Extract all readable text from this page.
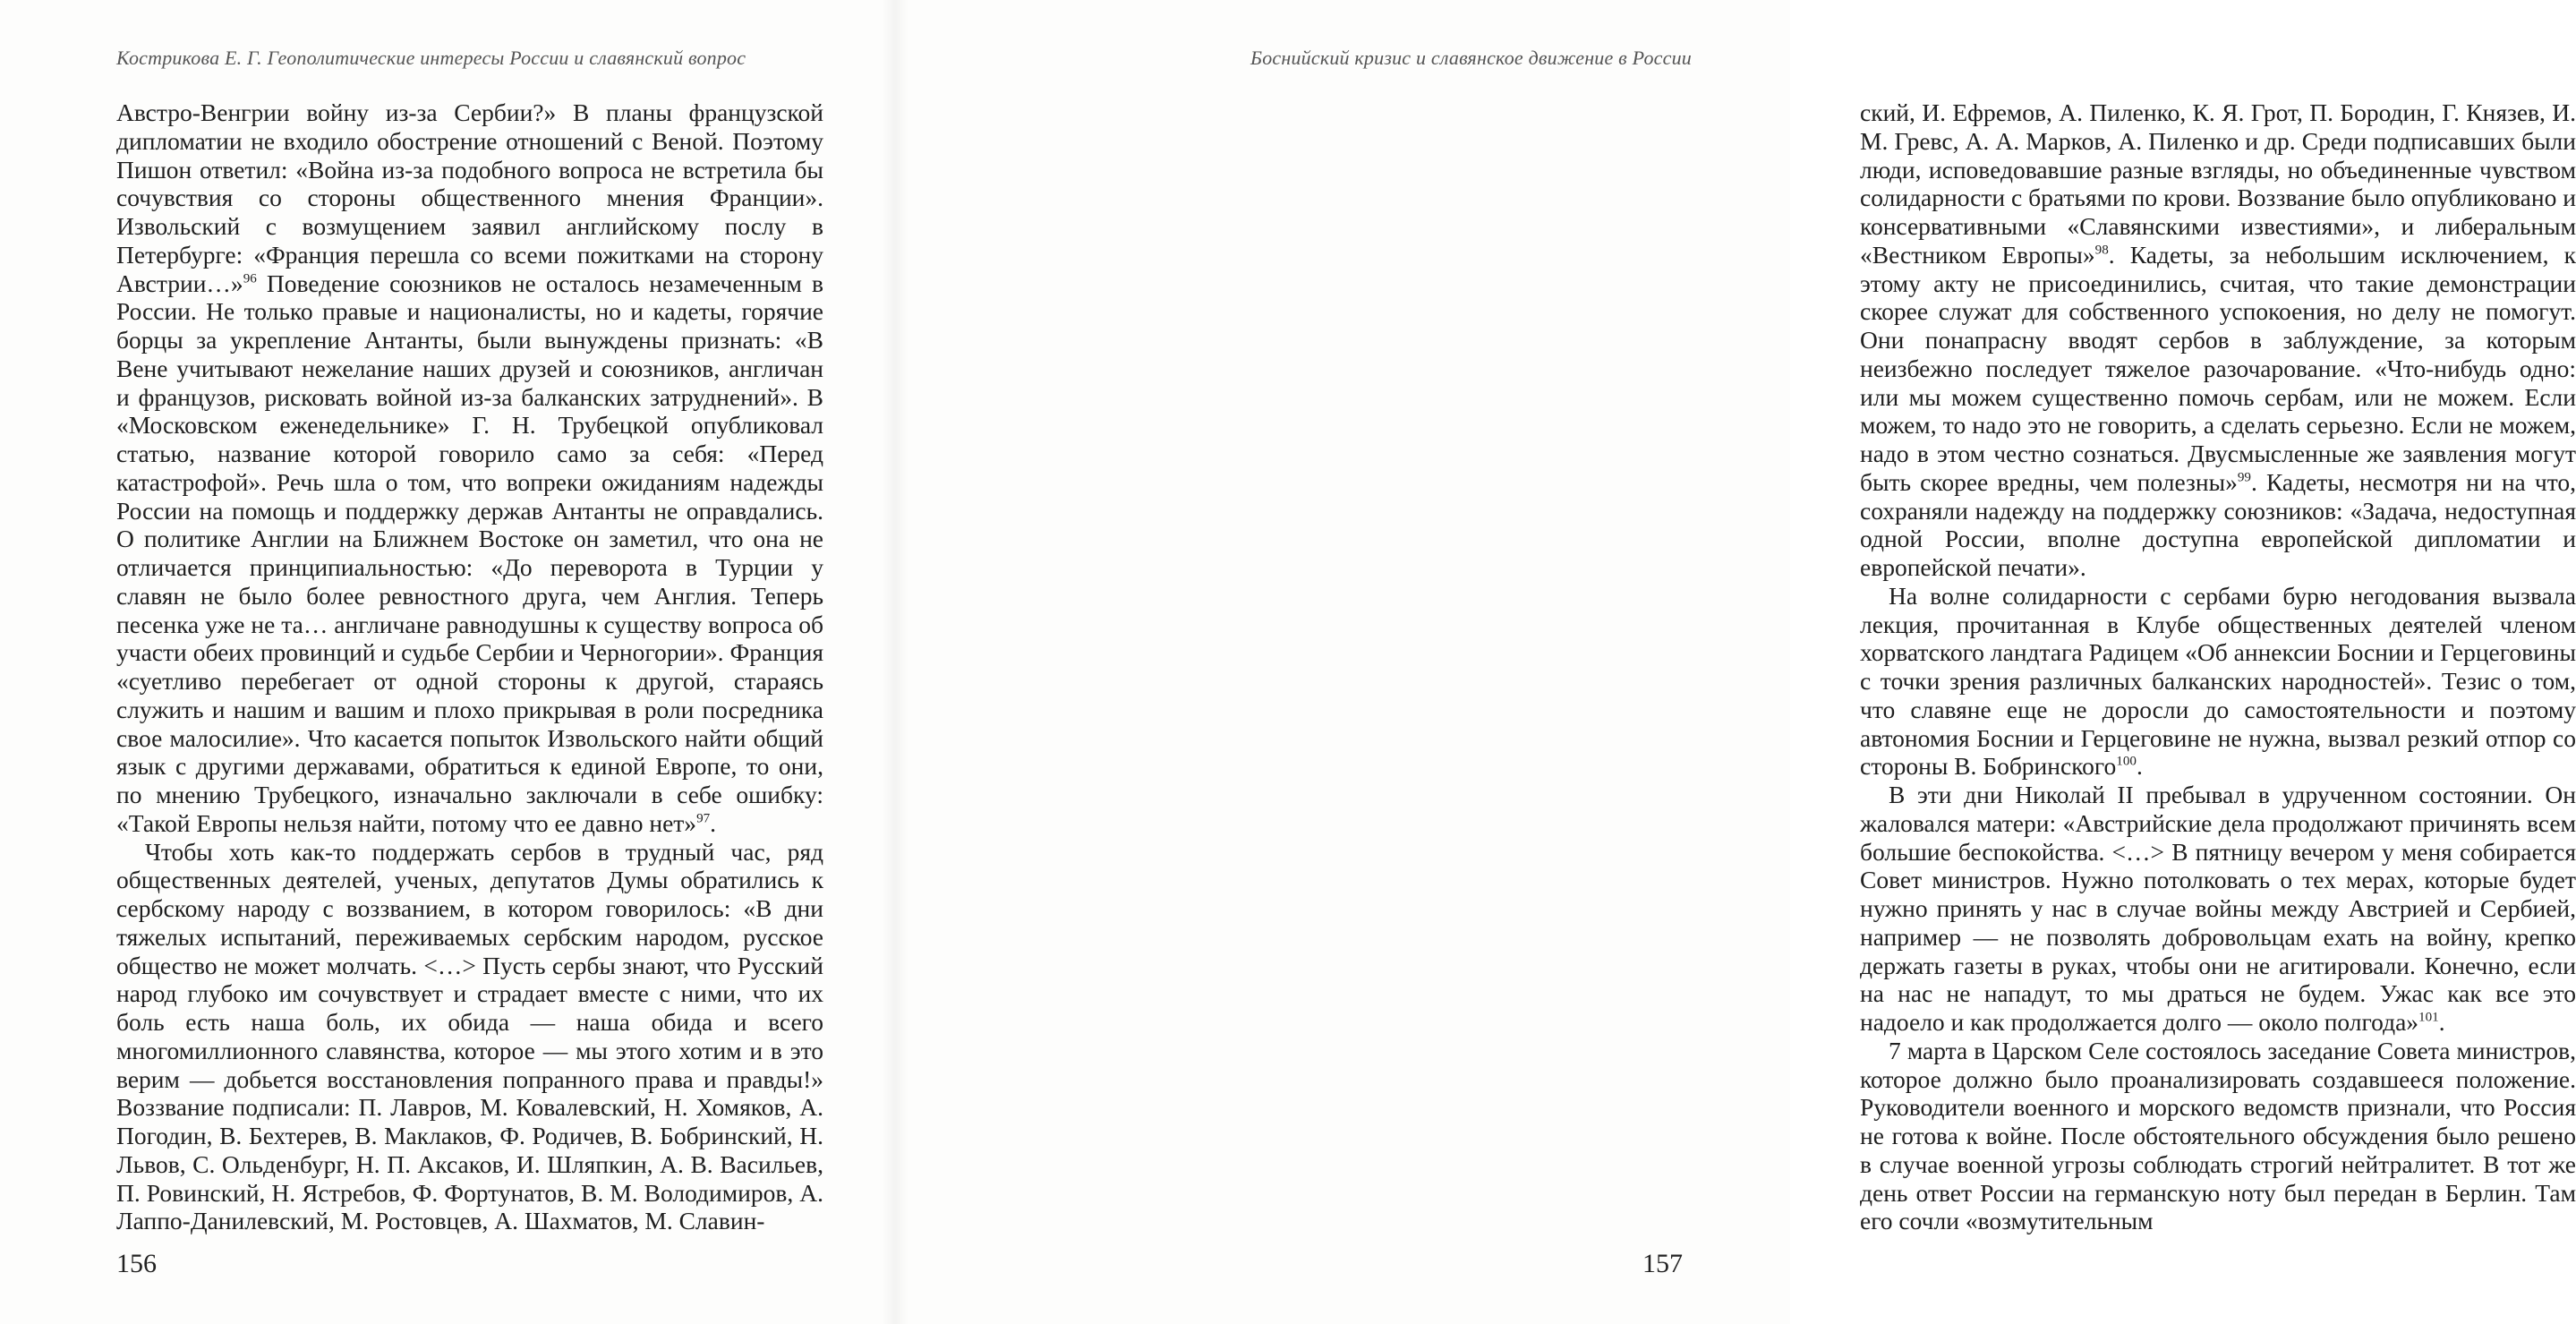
Кострикова Е. Г. Геополитические интересы России и славянский вопрос

Австро-Венгрии войну из-за Сербии?» В планы французской дипломатии не входило обострение отношений с Веной. Поэтому Пишон ответил: «Война из-за подобного вопроса не встретила бы сочувствия со стороны общественного мнения Франции». Извольский с возмущением заявил английскому послу в Петербурге: «Франция перешла со всеми пожитками на сторону Австрии…»$^{96}$ Поведение союзников не осталось незамеченным в России. Не только правые и националисты, но и кадеты, горячие борцы за укрепление Антанты, были вынуждены признать: «В Вене учитывают нежелание наших друзей и союзников, англичан и французов, рисковать войной из-за балканских затруднений». В «Московском еженедельнике» Г. Н. Трубецкой опубликовал статью, название которой говорило само за себя: «Перед катастрофой». Речь шла о том, что вопреки ожиданиям надежды России на помощь и поддержку держав Антанты не оправдались. О политике Англии на Ближнем Востоке он заметил, что она не отличается принципиальностью: «До переворота в Турции у славян не было более ревностного друга, чем Англия. Теперь песенка уже не та… англичане равнодушны к существу вопроса об участи обеих провинций и судьбе Сербии и Черногории». Франция «суетливо перебегает от одной стороны к другой, стараясь служить и нашим и вашим и плохо прикрывая в роли посредника свое малосилие». Что касается попыток Извольского найти общий язык с другими державами, обратиться к единой Европе, то они, по мнению Трубецкого, изначально заключали в себе ошибку: «Такой Европы нельзя найти, потому что ее давно нет»$^{97}$.

Чтобы хоть как-то поддержать сербов в трудный час, ряд общественных деятелей, ученых, депутатов Думы обратились к сербскому народу с воззванием, в котором говорилось: «В дни тяжелых испытаний, переживаемых сербским народом, русское общество не может молчать. <…> Пусть сербы знают, что Русский народ глубоко им сочувствует и страдает вместе с ними, что их боль есть наша боль, их обида — наша обида и всего многомиллионного славянства, которое — мы этого хотим и в это верим — добьется восстановления попранного права и правды!» Воззвание подписали: П. Лавров, М. Ковалевский, Н. Хомяков, А. Погодин, В. Бехтерев, В. Маклаков, Ф. Родичев, В. Бобринский, Н. Львов, С. Ольденбург, Н. П. Аксаков, И. Шляпкин, А. В. Васильев, П. Ровинский, Н. Ястребов, Ф. Фортунатов, В. М. Володимиров, А. Лаппо-Данилевский, М. Ростовцев, А. Шахматов, М. Славин-

156
Боснийский кризис и славянское движение в России

ский, И. Ефремов, А. Пиленко, К. Я. Грот, П. Бородин, Г. Князев, И. М. Гревс, А. А. Марков, А. Пиленко и др. Среди подписавших были люди, исповедовавшие разные взгляды, но объединенные чувством солидарности с братьями по крови. Воззвание было опубликовано и консервативными «Славянскими известиями», и либеральным «Вестником Европы»$^{98}$. Кадеты, за небольшим исключением, к этому акту не присоединились, считая, что такие демонстрации скорее служат для собственного успокоения, но делу не помогут. Они понапрасну вводят сербов в заблуждение, за которым неизбежно последует тяжелое разочарование. «Что-нибудь одно: или мы можем существенно помочь сербам, или не можем. Если можем, то надо это не говорить, а сделать серьезно. Если не можем, надо в этом честно сознаться. Двусмысленные же заявления могут быть скорее вредны, чем полезны»$^{99}$. Кадеты, несмотря ни на что, сохраняли надежду на поддержку союзников: «Задача, недоступная одной России, вполне доступна европейской дипломатии и европейской печати».

На волне солидарности с сербами бурю негодования вызвала лекция, прочитанная в Клубе общественных деятелей членом хорватского ландтага Радицем «Об аннексии Боснии и Герцеговины с точки зрения различных балканских народностей». Тезис о том, что славяне еще не доросли до самостоятельности и поэтому автономия Боснии и Герцеговине не нужна, вызвал резкий отпор со стороны В. Бобринского$^{100}$.

В эти дни Николай II пребывал в удрученном состоянии. Он жаловался матери: «Австрийские дела продолжают причинять всем большие беспокойства. <…> В пятницу вечером у меня собирается Совет министров. Нужно потолковать о тех мерах, которые будет нужно принять у нас в случае войны между Австрией и Сербией, например — не позволять добровольцам ехать на войну, крепко держать газеты в руках, чтобы они не агитировали. Конечно, если на нас не нападут, то мы драться не будем. Ужас как все это надоело и как продолжается долго — около полгода»$^{101}$.

7 марта в Царском Селе состоялось заседание Совета министров, которое должно было проанализировать создавшееся положение. Руководители военного и морского ведомств признали, что Россия не готова к войне. После обстоятельного обсуждения было решено в случае военной угрозы соблюдать строгий нейтралитет. В тот же день ответ России на германскую ноту был передан в Берлин. Там его сочли «возмутительным

157
